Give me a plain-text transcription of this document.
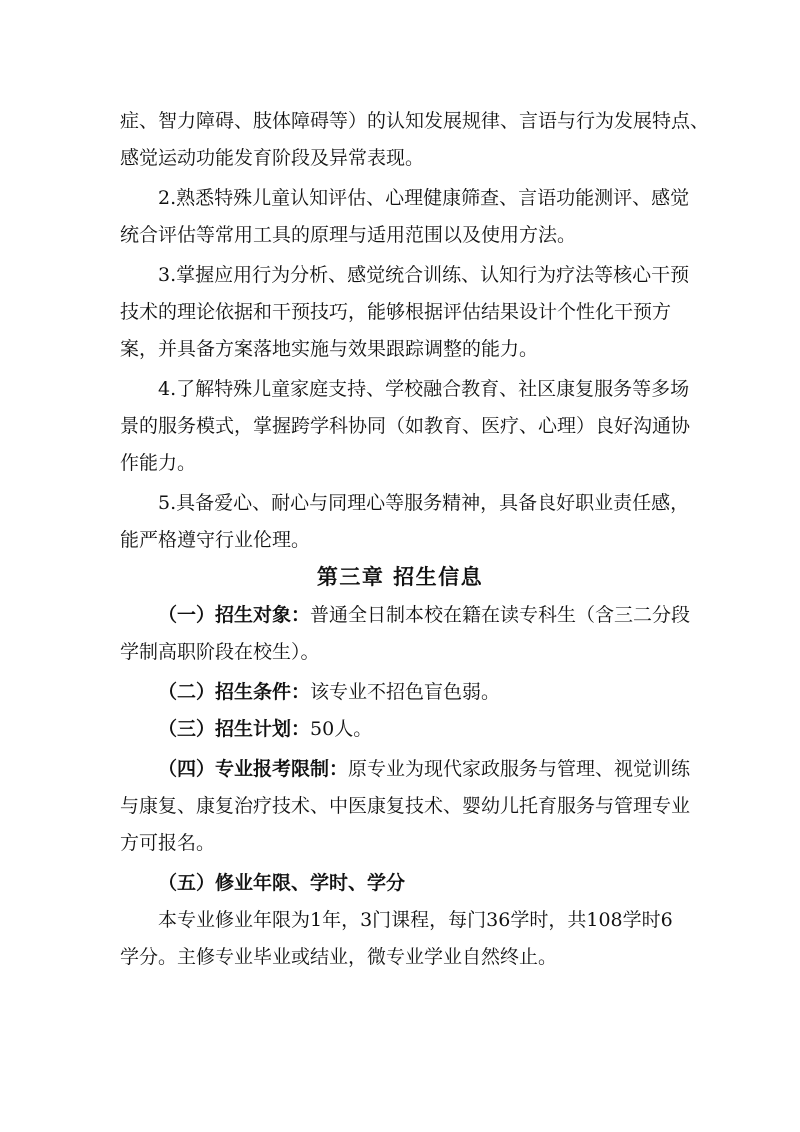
症、智力障碍、肢体障碍等）的认知发展规律、言语与行为发展特点、
感觉运动功能发育阶段及异常表现。
2.熟悉特殊儿童认知评估、心理健康筛查、言语功能测评、感觉
统合评估等常用工具的原理与适用范围以及使用方法。
3.掌握应用行为分析、感觉统合训练、认知行为疗法等核心干预
技术的理论依据和干预技巧，能够根据评估结果设计个性化干预方
案，并具备方案落地实施与效果跟踪调整的能力。
4.了解特殊儿童家庭支持、学校融合教育、社区康复服务等多场
景的服务模式，掌握跨学科协同（如教育、医疗、心理）良好沟通协
作能力。
5.具备爱心、耐心与同理心等服务精神，具备良好职业责任感，
能严格遵守行业伦理。
第三章 招生信息
（一）招生对象：普通全日制本校在籍在读专科生（含三二分段
学制高职阶段在校生）。
（二）招生条件：该专业不招色盲色弱。
（三）招生计划：50人。
（四）专业报考限制：原专业为现代家政服务与管理、视觉训练
与康复、康复治疗技术、中医康复技术、婴幼儿托育服务与管理专业
方可报名。
（五）修业年限、学时、学分
本专业修业年限为1年，3门课程，每门36学时，共108学时6
学分。主修专业毕业或结业，微专业学业自然终止。
